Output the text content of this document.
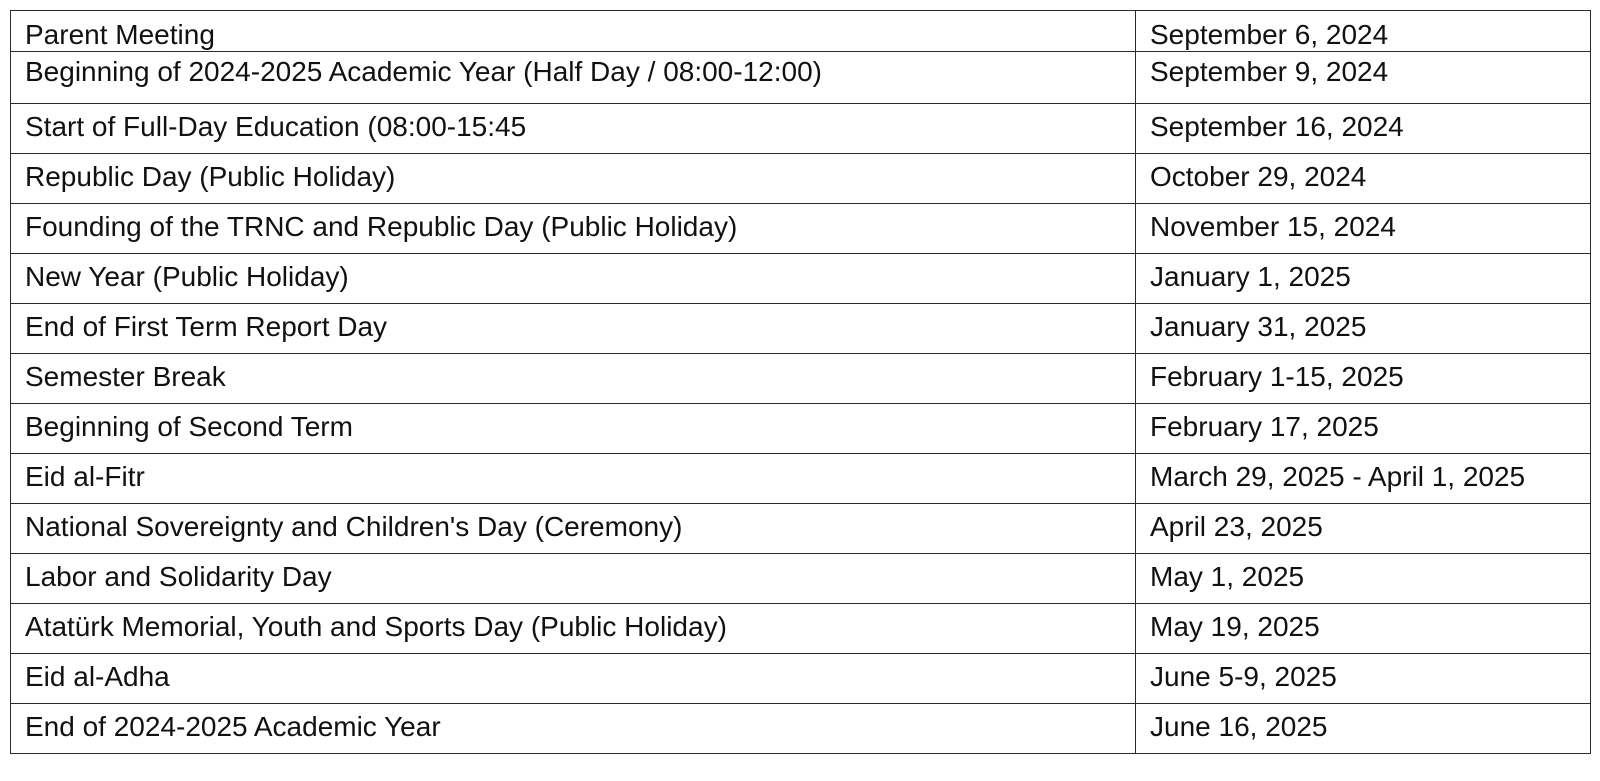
Parent Meeting	September 6, 2024
Beginning of 2024-2025 Academic Year (Half Day / 08:00-12:00)	September 9, 2024
Start of Full-Day Education (08:00-15:45	September 16, 2024
Republic Day (Public Holiday)	October 29, 2024
Founding of the TRNC and Republic Day (Public Holiday)	November 15, 2024
New Year (Public Holiday)	January 1, 2025
End of First Term Report Day	January 31, 2025
Semester Break	February 1-15, 2025
Beginning of Second Term	February 17, 2025
Eid al-Fitr	March 29, 2025 - April 1, 2025
National Sovereignty and Children's Day (Ceremony)	April 23, 2025
Labor and Solidarity Day	May 1, 2025
Atatürk Memorial, Youth and Sports Day (Public Holiday)	May 19, 2025
Eid al-Adha	June 5-9, 2025
End of 2024-2025 Academic Year	June 16, 2025
